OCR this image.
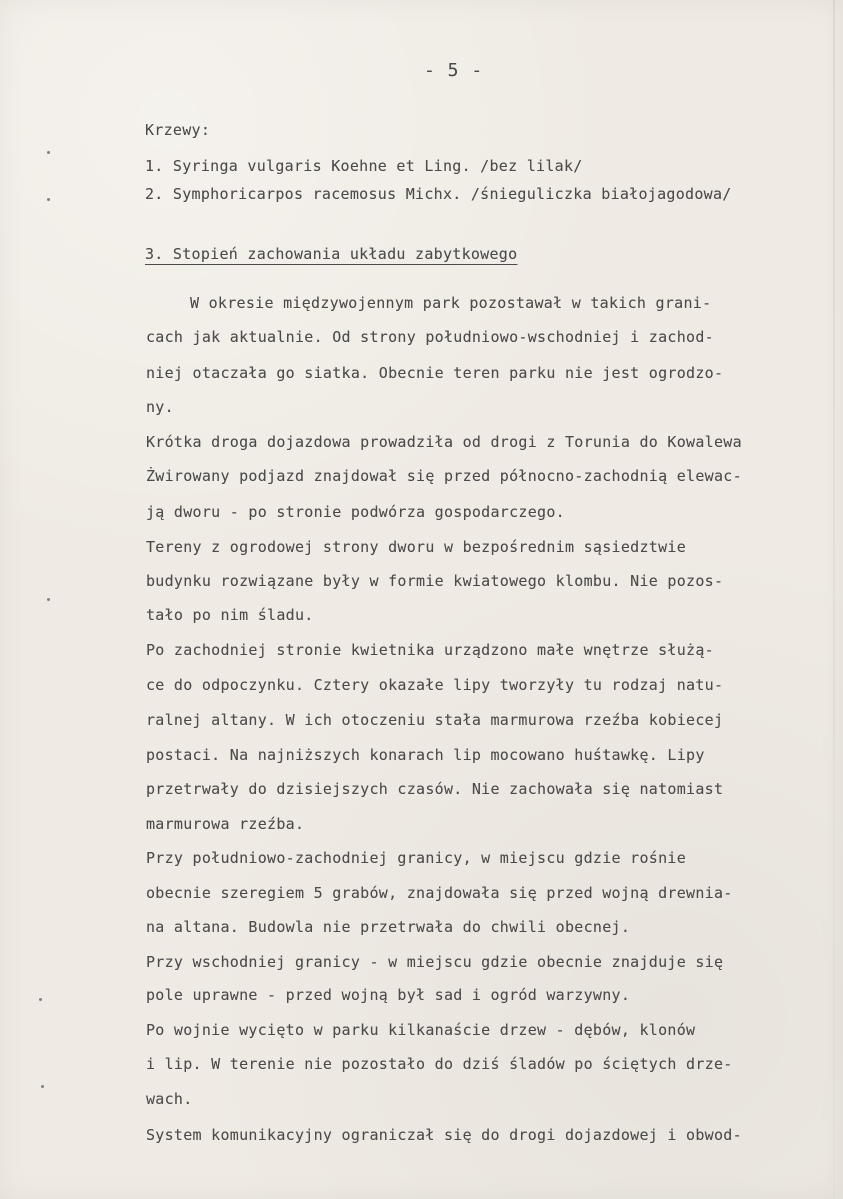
- 5 -
Krzewy:
1. Syringa vulgaris Koehne et Ling. /bez lilak/
2. Symphoricarpos racemosus Michx. /śnieguliczka białojagodowa/
3. Stopień zachowania układu zabytkowego
W okresie międzywojennym park pozostawał w takich grani-
cach jak aktualnie. Od strony południowo-wschodniej i zachod-
niej otaczała go siatka. Obecnie teren parku nie jest ogrodzo-
ny.
Krótka droga dojazdowa prowadziła od drogi z Torunia do Kowalewa
Żwirowany podjazd znajdował się przed północno-zachodnią elewac-
ją dworu - po stronie podwórza gospodarczego.
Tereny z ogrodowej strony dworu w bezpośrednim sąsiedztwie
budynku rozwiązane były w formie kwiatowego klombu. Nie pozos-
tało po nim śladu.
Po zachodniej stronie kwietnika urządzono małe wnętrze służą-
ce do odpoczynku. Cztery okazałe lipy tworzyły tu rodzaj natu-
ralnej altany. W ich otoczeniu stała marmurowa rzeźba kobiecej
postaci. Na najniższych konarach lip mocowano huśtawkę. Lipy
przetrwały do dzisiejszych czasów. Nie zachowała się natomiast
marmurowa rzeźba.
Przy południowo-zachodniej granicy, w miejscu gdzie rośnie
obecnie szeregiem 5 grabów, znajdowała się przed wojną drewnia-
na altana. Budowla nie przetrwała do chwili obecnej.
Przy wschodniej granicy - w miejscu gdzie obecnie znajduje się
pole uprawne - przed wojną był sad i ogród warzywny.
Po wojnie wycięto w parku kilkanaście drzew - dębów, klonów
i lip. W terenie nie pozostało do dziś śladów po ściętych drze-
wach.
System komunikacyjny ograniczał się do drogi dojazdowej i obwod-
